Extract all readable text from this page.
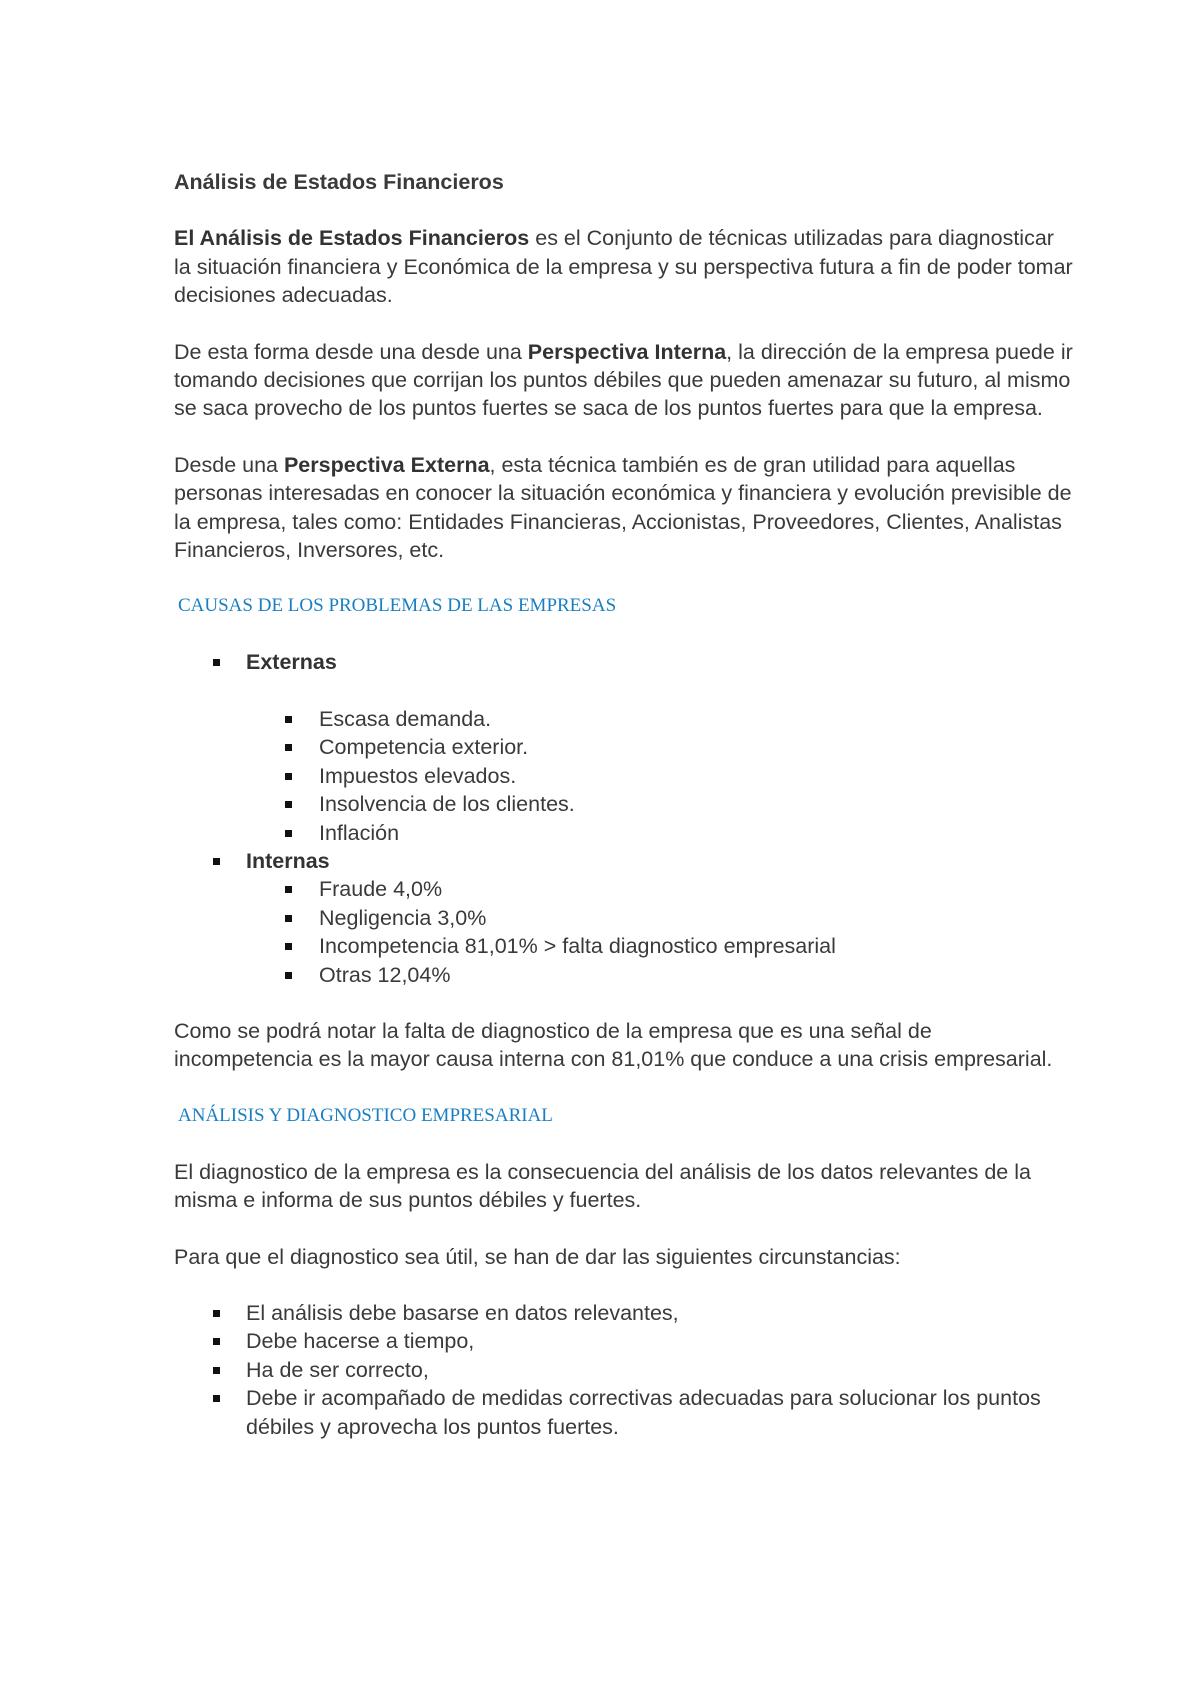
Análisis de Estados Financieros

El Análisis de Estados Financieros es el Conjunto de técnicas utilizadas para diagnosticar la situación financiera y Económica de la empresa y su perspectiva futura a fin de poder tomar decisiones adecuadas.

De esta forma desde una desde una Perspectiva Interna, la dirección de la empresa puede ir tomando decisiones que corrijan los puntos débiles que pueden amenazar su futuro, al mismo se saca provecho de los puntos fuertes se saca de los puntos fuertes para que la empresa.

Desde una Perspectiva Externa, esta técnica también es de gran utilidad para aquellas personas interesadas en conocer la situación económica y financiera y evolución previsible de la empresa, tales como: Entidades Financieras, Accionistas, Proveedores, Clientes, Analistas Financieros, Inversores, etc.

CAUSAS DE LOS PROBLEMAS DE LAS EMPRESAS

Externas
Escasa demanda.
Competencia exterior.
Impuestos elevados.
Insolvencia de los clientes.
Inflación
Internas
Fraude 4,0%
Negligencia 3,0%
Incompetencia 81,01% > falta diagnostico empresarial
Otras 12,04%

Como se podrá notar la falta de diagnostico de la empresa que es una señal de incompetencia es la mayor causa interna con 81,01% que conduce a una crisis empresarial.

ANÁLISIS Y DIAGNOSTICO EMPRESARIAL

El diagnostico de la empresa es la consecuencia del análisis de los datos relevantes de la misma e informa de sus puntos débiles y fuertes.

Para que el diagnostico sea útil, se han de dar las siguientes circunstancias:

El análisis debe basarse en datos relevantes,
Debe hacerse a tiempo,
Ha de ser correcto,
Debe ir acompañado de medidas correctivas adecuadas para solucionar los puntos débiles y aprovecha los puntos fuertes.
